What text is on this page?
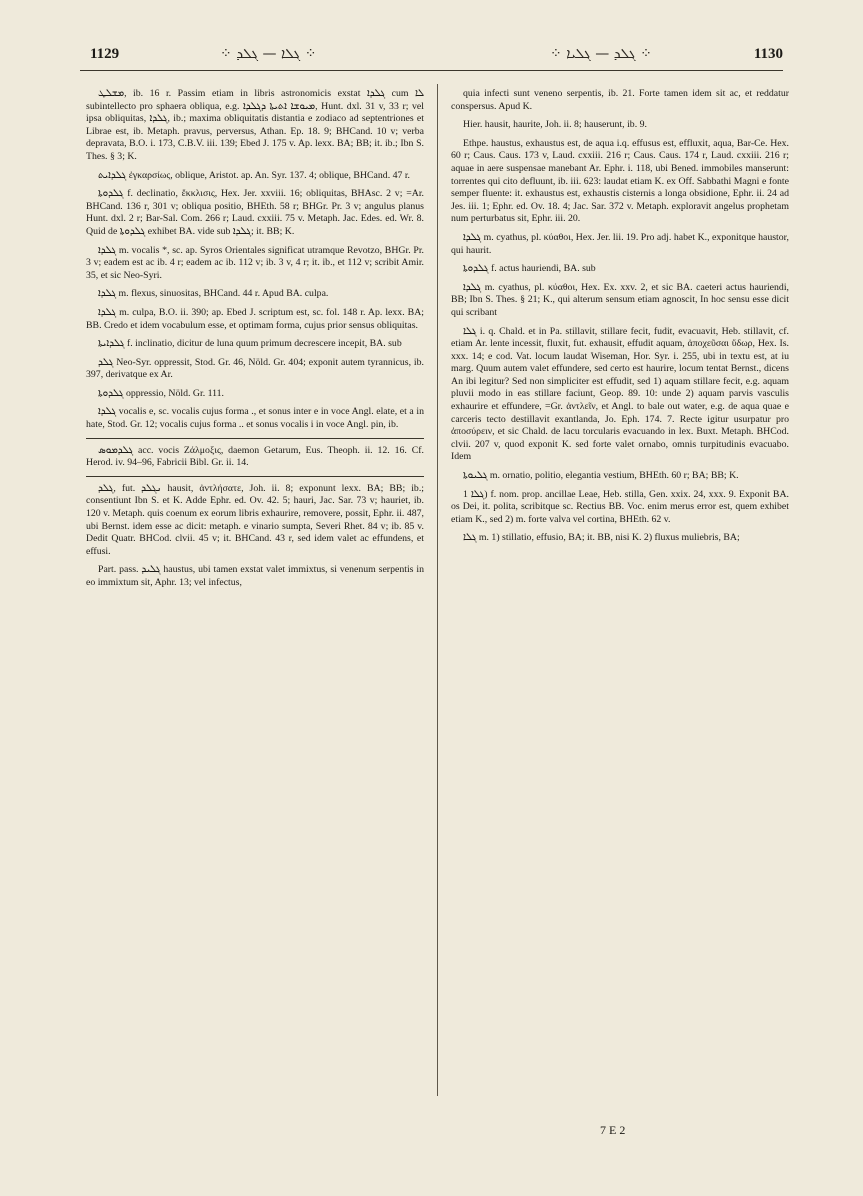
1129	⁘ ܓܠܐ — ܓܠܕ ⁘	⁘ ܓܠܕ — ܓܠܝܐ ⁘	1130

ܡܫܠܛ, ib. 16 r. Passim etiam in libris astronomicis exstat ܓܠܕܐ cum ܠܐ subintellecto pro sphaera obliqua, e.g. ܡܝܘܫܐ ܐܬܝܬܐ ܕܓܠܕܐ, Hunt. dxl. 31 v, 33 r; vel ipsa obliquitas, ܓܠܕܐ, ib.; maxima obliquitatis distantia e zodiaco ad septentriones et Librae est, ib. Metaph. pravus, perversus, Athan. Ep. 18. 9; BHCand. 10 v; verba depravata, B.O. i. 173, C.B.V. iii. 139; Ebed J. 175 v. Ap. lexx. BA; BB; it. ib.; Ibn S. Thes. § 3; K.

ܓܠܕܐܝܬ ἐγκαρσίως, oblique, Aristot. ap. An. Syr. 137. 4; oblique, BHCand. 47 r.

ܓܠܕܘܬܐ f. declinatio, ἔκκλισις, Hex. Jer. xxviii. 16; obliquitas, BHAsc. 2 v; =Ar. BHCand. 136 r, 301 v; obliqua positio, BHEth. 58 r; BHGr. Pr. 3 v; angulus planus Hunt. dxl. 2 r; Bar-Sal. Com. 266 r; Laud. cxxiii. 75 v. Metaph. Jac. Edes. ed. Wr. 8. Quid de ܓܠܕܘܬܐ exhibet BA. vide sub ܓܠܕܐ; it. BB; K.

ܓܠܕܐ m. vocalis *, sc. ap. Syros Orientales significat utramque Revotzo, BHGr. Pr. 3 v; eadem est ac ib. 4 r; eadem ac ib. 112 v; ib. 3 v, 4 r; it. ib., et 112 v; scribit Amir. 35, et sic Neo-Syri.

ܓܠܕܐ m. flexus, sinuositas, BHCand. 44 r. Apud BA. culpa.

ܓܠܕܐ m. culpa, B.O. ii. 390; ap. Ebed J. scriptum est, sc. fol. 148 r. Ap. lexx. BA; BB. Credo et idem vocabulum esse, et optimam forma, cujus prior sensus obliquitas.

ܓܠܕܐܝܬܐ f. inclinatio, dicitur de luna quum primum decrescere incepit, BA. sub

ܓܠܕ Neo-Syr. oppressit, Stod. Gr. 46, Nöld. Gr. 404; exponit autem tyrannicus, ib. 397, derivatque ex Ar.

ܓܠܕܘܬܐ oppressio, Nöld. Gr. 111.

ܓܠܕܐ vocalis e, sc. vocalis cujus forma ., et sonus inter e in voce Angl. elate, et a in hate, Stod. Gr. 12; vocalis cujus forma .. et sonus vocalis i in voce Angl. pin, ib.

ܓܠܕܡܘܣ acc. vocis Ζάλμοξις, daemon Getarum, Eus. Theoph. ii. 12. 16. Cf. Herod. iv. 94–96, Fabricii Bibl. Gr. ii. 14.

ܓܠܕ, fut. ܢܓܠܕ hausit, ἀντλήσατε, Joh. ii. 8; exponunt lexx. BA; BB; ib.; consentiunt Ibn S. et K. Adde Ephr. ed. Ov. 42. 5; hauri, Jac. Sar. 73 v; hauriet, ib. 120 v. Metaph. quis coenum ex eorum libris exhaurire, removere, possit, Ephr. ii. 487, ubi Bernst. idem esse ac dicit: metaph. e vinario sumpta, Severi Rhet. 84 v; ib. 85 v. Dedit Quatr. BHCod. clvii. 45 v; it. BHCand. 43 r, sed idem valet ac effundens, et effusi.

Part. pass. ܓܠܝܕ haustus, ubi tamen exstat valet immixtus, si venenum serpentis in eo immixtum sit, Aphr. 13; vel infectus,

quia infecti sunt veneno serpentis, ib. 21. Forte tamen idem sit ac, et reddatur conspersus. Apud K.

Hier. hausit, haurite, Joh. ii. 8; hauserunt, ib. 9.

Ethpe. haustus, exhaustus est, de aqua i.q. effusus est, effluxit, aqua, Bar-Ce. Hex. 60 r; Caus. Caus. 173 v, Laud. cxxiii. 216 r; Caus. Caus. 174 r, Laud. cxxiii. 216 r; aquae in aere suspensae manebant Ar. Ephr. i. 118, ubi Bened. immobiles manserunt: torrentes qui cito defluunt, ib. iii. 623: laudat etiam K. ex Off. Sabbathi Magni e fonte semper fluente: it. exhaustus est, exhaustis cisternis a longa obsidione, Ephr. ii. 24 ad Jes. iii. 1; Ephr. ed. Ov. 18. 4; Jac. Sar. 372 v. Metaph. exploravit angelus prophetam num perturbatus sit, Ephr. iii. 20.

ܓܠܕܐ m. cyathus, pl. κύαθοι, Hex. Jer. lii. 19. Pro adj. habet K., exponitque haustor, qui haurit.

ܓܠܕܘܬܐ f. actus hauriendi, BA. sub

ܓܠܕܐ m. cyathus, pl. κύαθοι, Hex. Ex. xxv. 2, et sic BA. caeteri actus hauriendi, BB; Ibn S. Thes. § 21; K., qui alterum sensum etiam agnoscit, In hoc sensu esse dicit qui scribant

ܓܠܐ i. q. Chald. et in Pa. stillavit, stillare fecit, fudit, evacuavit, Heb. stillavit, cf. etiam Ar. lente incessit, fluxit, fut. exhausit, effudit aquam, ἀποχεῦσαι ὕδωρ, Hex. Is. xxx. 14; e cod. Vat. locum laudat Wiseman, Hor. Syr. i. 255, ubi in textu est, at iu marg. Quum autem valet effundere, sed certo est haurire, locum tentat Bernst., dicens An ibi legitur? Sed non simpliciter est effudit, sed 1) aquam stillare fecit, e.g. aquam pluvii modo in eas stillare faciunt, Geop. 89. 10: unde 2) aquam parvis vasculis exhaurire et effundere, =Gr. ἀντλεῖν, et Angl. to bale out water, e.g. de aqua quae e carceris tecto destillavit exantlanda, Jo. Eph. 174. 7. Recte igitur usurpatur pro ἀποσύρειν, et sic Chald. de lacu torcularis evacuando in lex. Buxt. Metaph. BHCod. clvii. 207 v, quod exponit K. sed forte valet ornabo, omnis turpitudinis evacuabo. Idem

ܓܠܝܘܬܐ m. ornatio, politio, elegantia vestium, BHEth. 60 r; BA; BB; K.

ܓܠܐ 1) f. nom. prop. ancillae Leae, Heb. stilla, Gen. xxix. 24, xxx. 9. Exponit BA. os Dei, it. polita, scribitque sc. Rectius BB. Voc. enim merus error est, quem exhibet etiam K., sed 2) m. forte valva vel cortina, BHEth. 62 v.

ܓܠܐ m. 1) stillatio, effusio, BA; it. BB, nisi K. 2) fluxus muliebris, BA;

7 E 2
